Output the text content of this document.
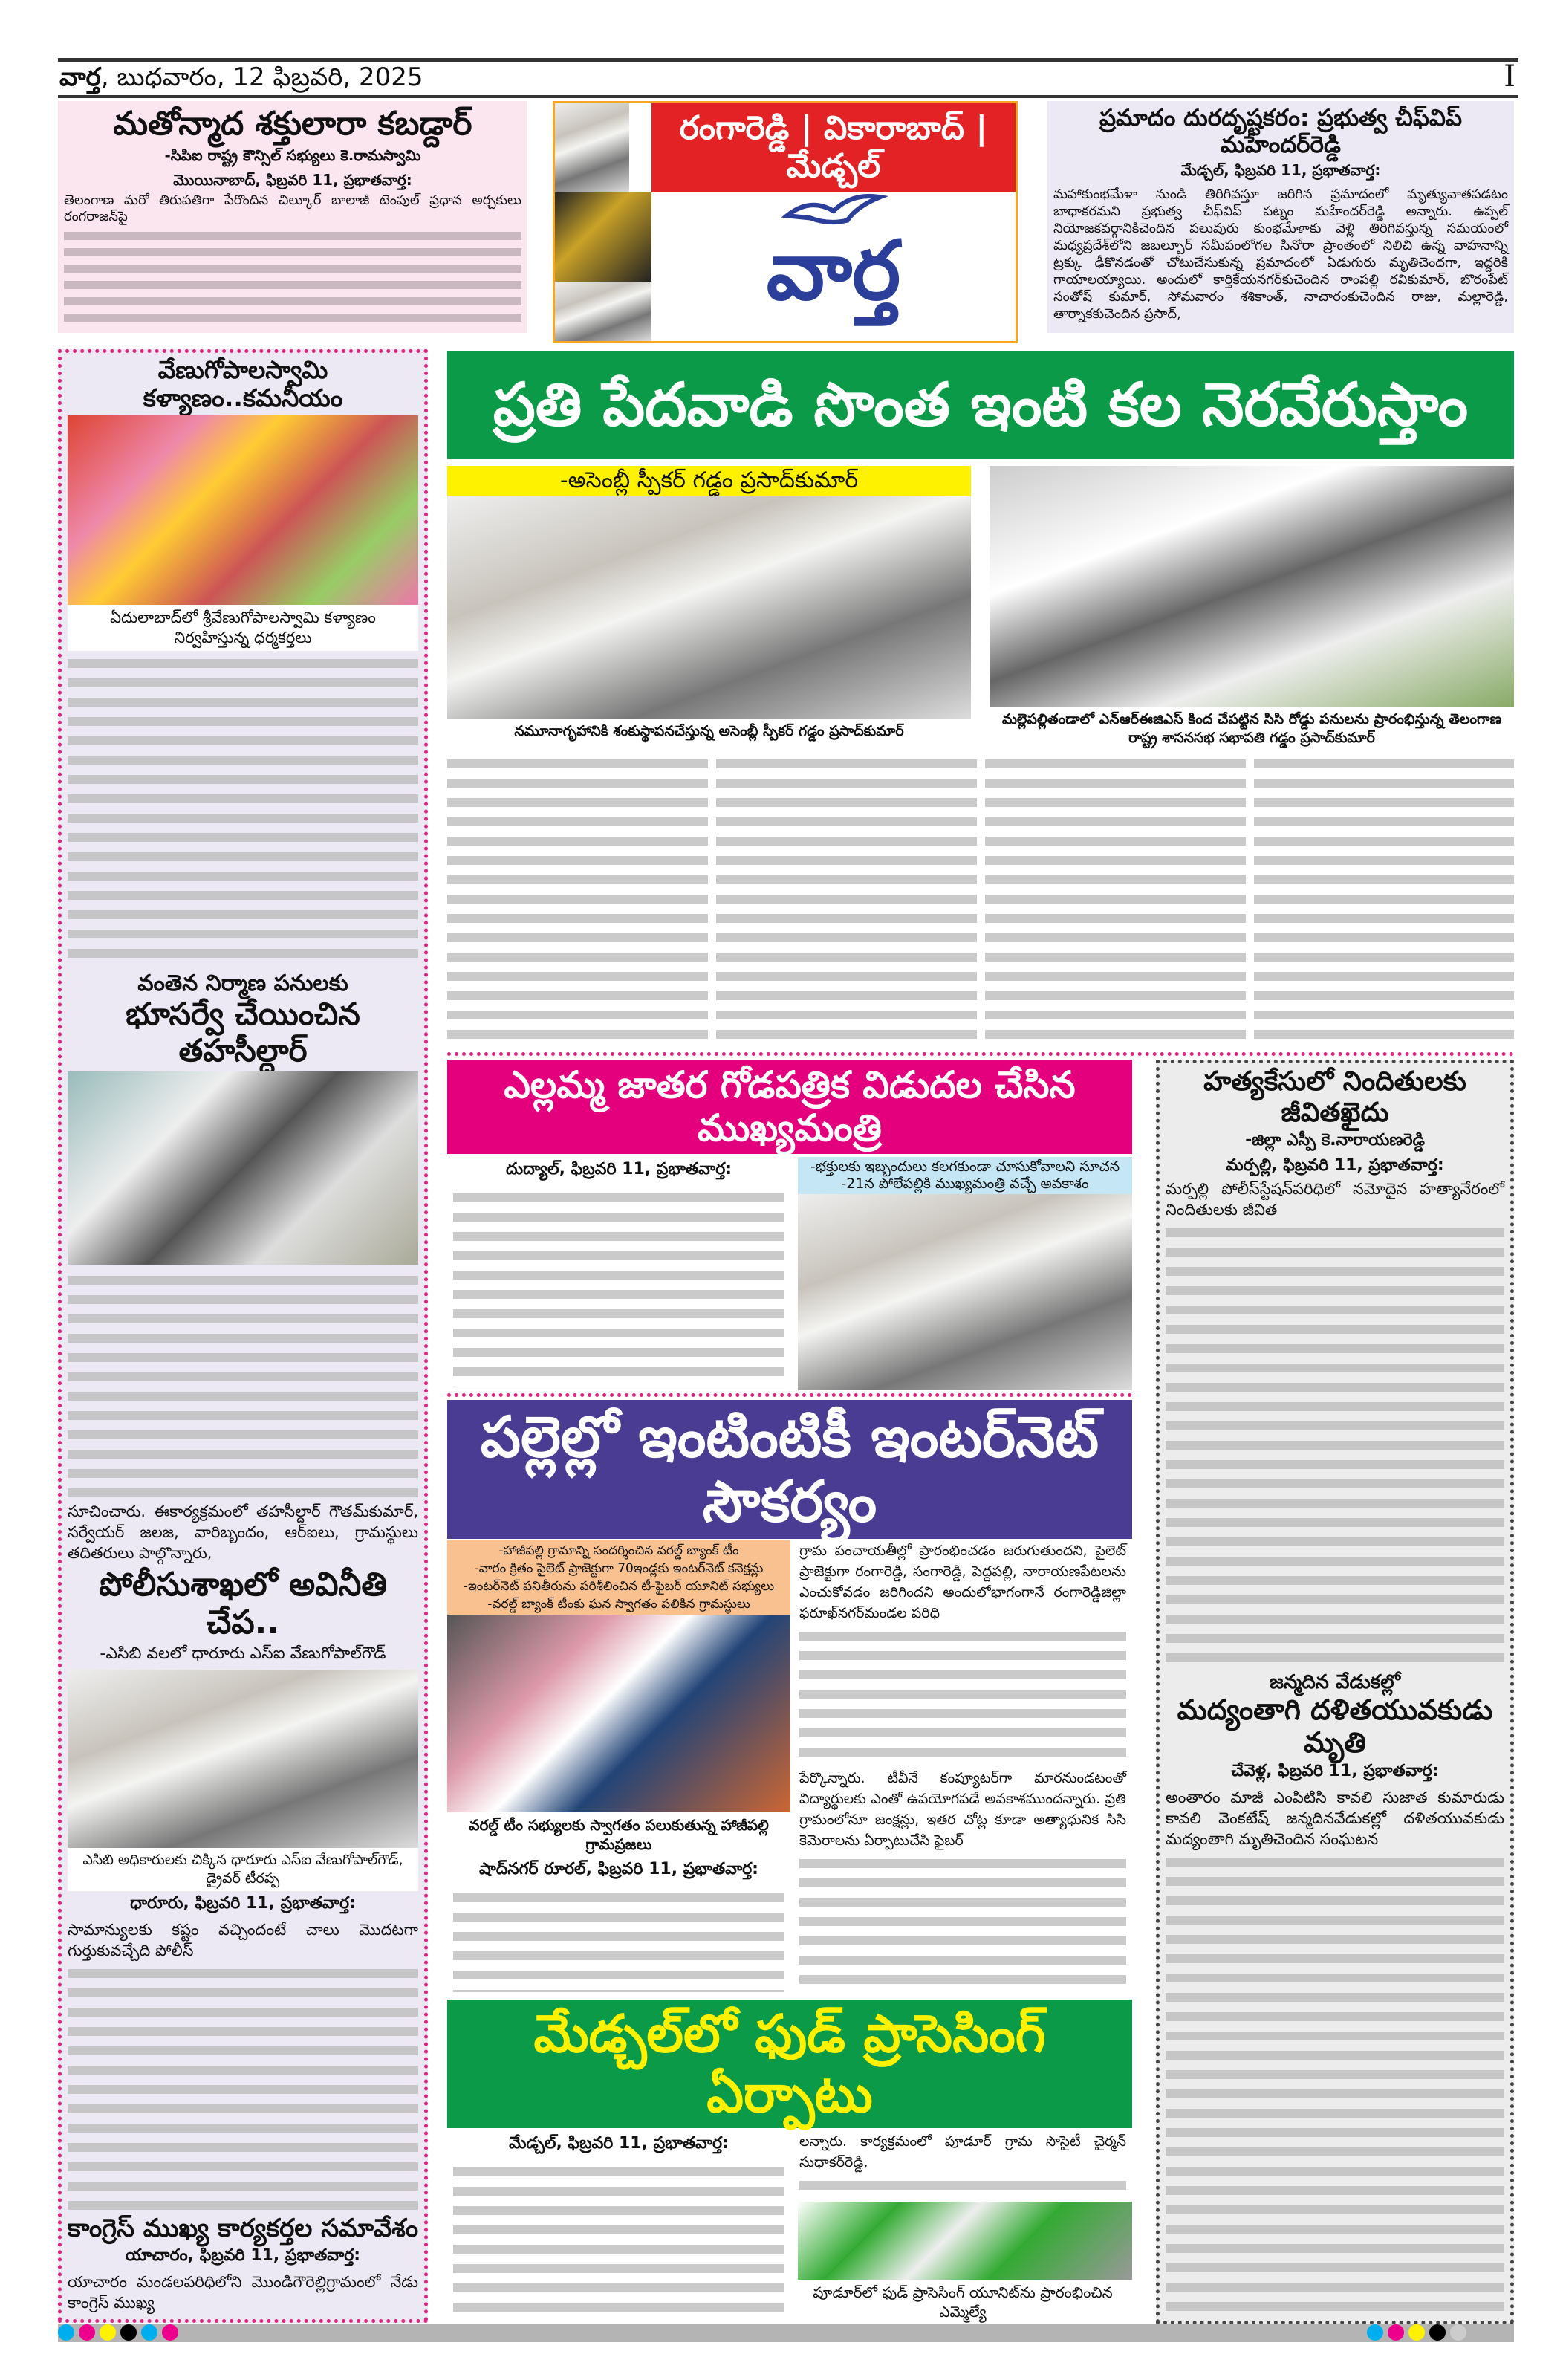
వార్త, బుధవారం, 12 ఫిబ్రవరి, 2025	I
మతోన్మాద శక్తులారా కబడ్దార్
-సిపిఐ రాష్ట్ర కౌన్సిల్ సభ్యులు కె.రామస్వామి
మొయినాబాద్, ఫిబ్రవరి 11, ప్రభాతవార్త:
తెలంగాణ మరో తిరుపతిగా పేరొందిన చిల్కూర్ బాలాజీ టెంపుల్ ప్రధాన అర్చకులు రంగరాజన్‌పై
రంగారెడ్డి | వికారాబాద్ | మేడ్చల్
వార్త
ప్రమాదం దురదృష్టకరం: ప్రభుత్వ చీఫ్‌విప్ మహేందర్‌రెడ్డి
మేడ్చల్, ఫిబ్రవరి 11, ప్రభాతవార్త:
మహాకుంభమేళా నుండి తిరిగివస్తూ జరిగిన ప్రమాదంలో మృత్యువాతపడటం బాధాకరమని ప్రభుత్వ చీఫ్‌విప్ పట్నం మహేందర్‌రెడ్డి అన్నారు. ఉప్పల్ నియోజకవర్గానికిచెందిన పలువురు కుంభమేళాకు వెళ్లి తిరిగివస్తున్న సమయంలో మధ్యప్రదేశ్‌లోని జబల్పూర్ సమీపంలోగల సినోరా ప్రాంతంలో నిలిచి ఉన్న వాహనాన్ని ట్రక్కు ఢీకొనడంతో చోటుచేసుకున్న ప్రమాదంలో ఏడుగురు మృతిచెందగా, ఇద్దరికి గాయాలయ్యాయి. అందులో కార్తికేయనగర్‌కుచెందిన రాంపల్లి రవికుమార్, బొరంపేట్ సంతోష్ కుమార్, సోమవారం శశికాంత్, నాచారంకుచెందిన రాజు, మల్లారెడ్డి, తార్నాకకుచెందిన ప్రసాద్,
వేణుగోపాలస్వామి కళ్యాణం..కమనీయం
ఏదులాబాద్‌లో శ్రీవేణుగోపాలస్వామి కళ్యాణం నిర్వహిస్తున్న ధర్మకర్తలు
వంతెన నిర్మాణ పనులకు
భూసర్వే చేయించిన తహసీల్దార్
సూచించారు. ఈకార్యక్రమంలో తహసీల్దార్ గౌతమ్‌కుమార్, సర్వేయర్ జలజ, వారిబృందం, ఆర్‌ఐలు, గ్రామస్థులు తదితరులు పాల్గొన్నారు,
పోలీసుశాఖలో అవినీతి చేప..
-ఎసిబి వలలో ధారూరు ఎస్ఐ వేణుగోపాల్‌గౌడ్
ఎసిబి అధికారులకు చిక్కిన ధారూరు ఎస్ఐ వేణుగోపాల్‌గౌడ్, డ్రైవర్ టీరప్ప
ధారూరు, ఫిబ్రవరి 11, ప్రభాతవార్త:
సామాన్యులకు కష్టం వచ్చిందంటే చాలు మొదటగా గుర్తుకువచ్చేది పోలీస్
కాంగ్రెస్ ముఖ్య కార్యకర్తల సమావేశం
యాచారం, ఫిబ్రవరి 11, ప్రభాతవార్త:
యాచారం మండలపరిధిలోని మొండిగౌరెల్లిగ్రామంలో నేడు కాంగ్రెస్ ముఖ్య
ప్రతి పేదవాడి సొంత ఇంటి కల నెరవేరుస్తాం
-అసెంబ్లీ స్పీకర్ గడ్డం ప్రసాద్‌కుమార్
నమూనాగృహానికి శంకుస్థాపనచేస్తున్న అసెంబ్లీ స్పీకర్ గడ్డం ప్రసాద్‌కుమార్
మల్లెపల్లితండాలో ఎన్‌ఆర్‌ఈజిఎస్ కింద చేపట్టిన సిసి రోడ్డు పనులను ప్రారంభిస్తున్న తెలంగాణ రాష్ట్ర శాసనసభ సభాపతి గడ్డం ప్రసాద్‌కుమార్
ఎల్లమ్మ జాతర గోడపత్రిక విడుదల చేసిన ముఖ్యమంత్రి
దుద్యాల్, ఫిబ్రవరి 11, ప్రభాతవార్త:	-భక్తులకు ఇబ్బందులు కలగకుండా చూసుకోవాలని సూచన
-21న పోలేపల్లికి ముఖ్యమంత్రి వచ్చే అవకాశం
పల్లెల్లో ఇంటింటికీ ఇంటర్‌నెట్ సౌకర్యం
-హాజీపల్లి గ్రామాన్ని సందర్శించిన వరల్డ్ బ్యాంక్ టీం
-వారం క్రితం పైలెట్ ప్రాజెక్టుగా 70ఇండ్లకు ఇంటర్‌నెట్ కనెక్షన్లు
-ఇంటర్‌నెట్ పనితీరును పరిశీలించిన టీ-ఫైబర్ యూనిట్ సభ్యులు
-వరల్డ్ బ్యాంక్ టీంకు ఘన స్వాగతం పలికిన గ్రామస్థులు
వరల్డ్ టీం సభ్యులకు స్వాగతం పలుకుతున్న హాజీపల్లి గ్రామప్రజలు
షాద్‌నగర్ రూరల్, ఫిబ్రవరి 11, ప్రభాతవార్త:
గ్రామ పంచాయతీల్లో ప్రారంభించడం జరుగుతుందని, పైలెట్ ప్రాజెక్టుగా రంగారెడ్డి, సంగారెడ్డి, పెద్దపల్లి, నారాయణపేటలను ఎంచుకోవడం జరిగిందని అందులోభాగంగానే రంగారెడ్డిజిల్లా ఫరూఖ్‌నగర్‌మండల పరిధి
పేర్కొన్నారు. టీవీనే కంప్యూటర్‌గా మారనుండటంతో విద్యార్థులకు ఎంతో ఉపయోగపడే అవకాశముందన్నారు. ప్రతి గ్రామంలోనూ జంక్షన్లు, ఇతర చోట్ల కూడా అత్యాధునిక సిసి కెమెరాలను ఏర్పాటుచేసి ఫైబర్
మేడ్చల్‌లో ఫుడ్ ప్రాసెసింగ్ ఏర్పాటు
మేడ్చల్, ఫిబ్రవరి 11, ప్రభాతవార్త:	లన్నారు. కార్యక్రమంలో పూడూర్ గ్రామ సొసైటీ చైర్మన్ సుధాకర్‌రెడ్డి,
పూడూర్‌లో ఫుడ్ ప్రాసెసింగ్ యూనిట్‌ను ప్రారంభించిన ఎమ్మెల్యే
హత్యకేసులో నిందితులకు జీవితఖైదు
-జిల్లా ఎస్పీ కె.నారాయణరెడ్డి
మర్పల్లి, ఫిబ్రవరి 11, ప్రభాతవార్త:
మర్పల్లి పోలీస్‌స్టేషన్‌పరిధిలో నమోదైన హత్యానేరంలో నిందితులకు జీవిత
జన్మదిన వేడుకల్లో
మద్యంతాగి దళితయువకుడు మృతి
చేవెళ్ల, ఫిబ్రవరి 11, ప్రభాతవార్త:
అంతారం మాజీ ఎంపిటిసి కావలి సుజాత కుమారుడు కావలి వెంకటేష్ జన్మదినవేడుకల్లో దళితయువకుడు మద్యంతాగి మృతిచెందిన సంఘటన
